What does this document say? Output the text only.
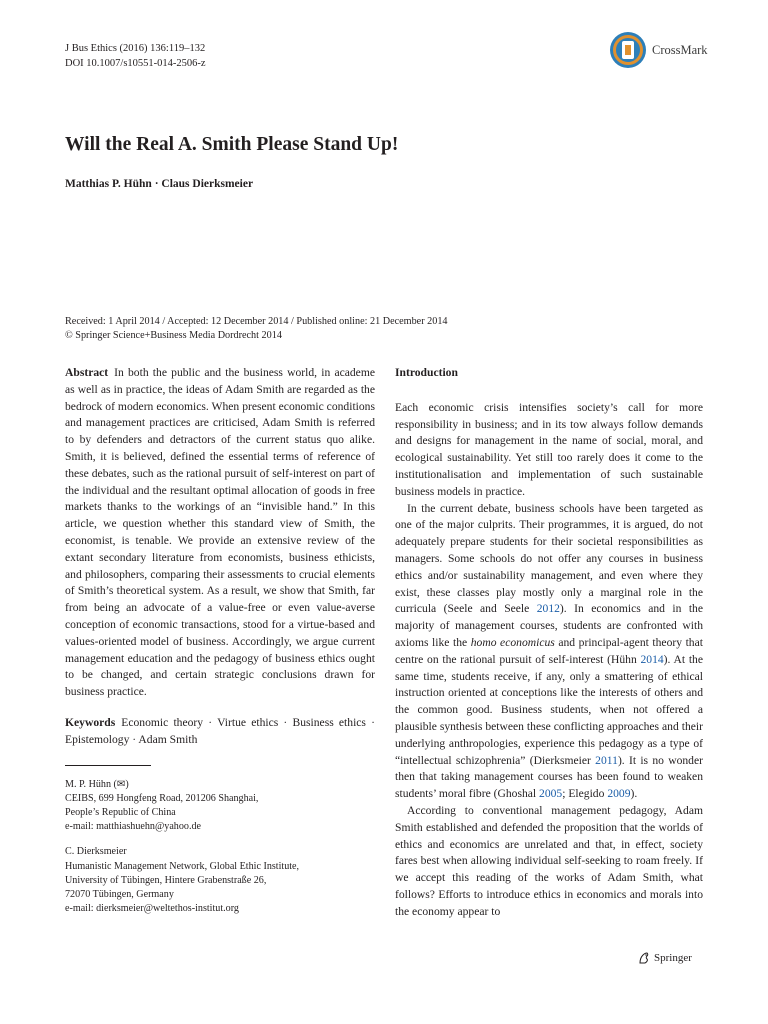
J Bus Ethics (2016) 136:119–132
DOI 10.1007/s10551-014-2506-z
CrossMark
Will the Real A. Smith Please Stand Up!
Matthias P. Hühn · Claus Dierksmeier
Received: 1 April 2014 / Accepted: 12 December 2014 / Published online: 21 December 2014
© Springer Science+Business Media Dordrecht 2014

Abstract In both the public and the business world, in academe as well as in practice, the ideas of Adam Smith are regarded as the bedrock of modern economics. When present economic conditions and management practices are criticised, Adam Smith is referred to by defenders and detractors of the current status quo alike. Smith, it is believed, defined the essential terms of reference of these debates, such as the rational pursuit of self-interest on part of the individual and the resultant optimal allocation of goods in free markets thanks to the workings of an “invisible hand.” In this article, we question whether this standard view of Smith, the economist, is tenable. We provide an extensive review of the extant secondary literature from economists, business ethicists, and philosophers, comparing their assessments to crucial elements of Smith’s theoretical system. As a result, we show that Smith, far from being an advocate of a value-free or even value-averse conception of economic transactions, stood for a virtue-based and values-oriented model of business. Accordingly, we argue current management education and the pedagogy of business ethics ought to be changed, and certain strategic conclusions drawn for business practice.

Keywords Economic theory · Virtue ethics · Business ethics · Epistemology · Adam Smith

M. P. Hühn (✉)
CEIBS, 699 Hongfeng Road, 201206 Shanghai,
People’s Republic of China
e-mail: matthiashuehn@yahoo.de
C. Dierksmeier
Humanistic Management Network, Global Ethic Institute,
University of Tübingen, Hintere Grabenstraße 26,
72070 Tübingen, Germany
e-mail: dierksmeier@weltethos-institut.org
Introduction

Each economic crisis intensifies society’s call for more responsibility in business; and in its tow always follow demands and designs for management in the name of social, moral, and ecological sustainability. Yet still too rarely does it come to the institutionalisation and implementation of such sustainable business models in practice.

In the current debate, business schools have been targeted as one of the major culprits. Their programmes, it is argued, do not adequately prepare students for their societal responsibilities as managers. Some schools do not offer any courses in business ethics and/or sustainability management, and even where they exist, these classes play mostly only a marginal role in the curricula (Seele and Seele 2012). In economics and in the majority of management courses, students are confronted with axioms like the homo economicus and principal-agent theory that centre on the rational pursuit of self-interest (Hühn 2014). At the same time, students receive, if any, only a smattering of ethical instruction oriented at conceptions like the interests of others and the common good. Business students, when not offered a plausible synthesis between these conflicting approaches and their underlying anthropologies, experience this pedagogy as a type of “intellectual schizophrenia” (Dierksmeier 2011). It is no wonder then that taking management courses has been found to weaken students’ moral fibre (Ghoshal 2005; Elegido 2009).

According to conventional management pedagogy, Adam Smith established and defended the proposition that the worlds of ethics and economics are unrelated and that, in effect, society fares best when allowing individual self-seeking to roam freely. If we accept this reading of the works of Adam Smith, what follows? Efforts to introduce ethics in economics and morals into the economy appear to

Springer
